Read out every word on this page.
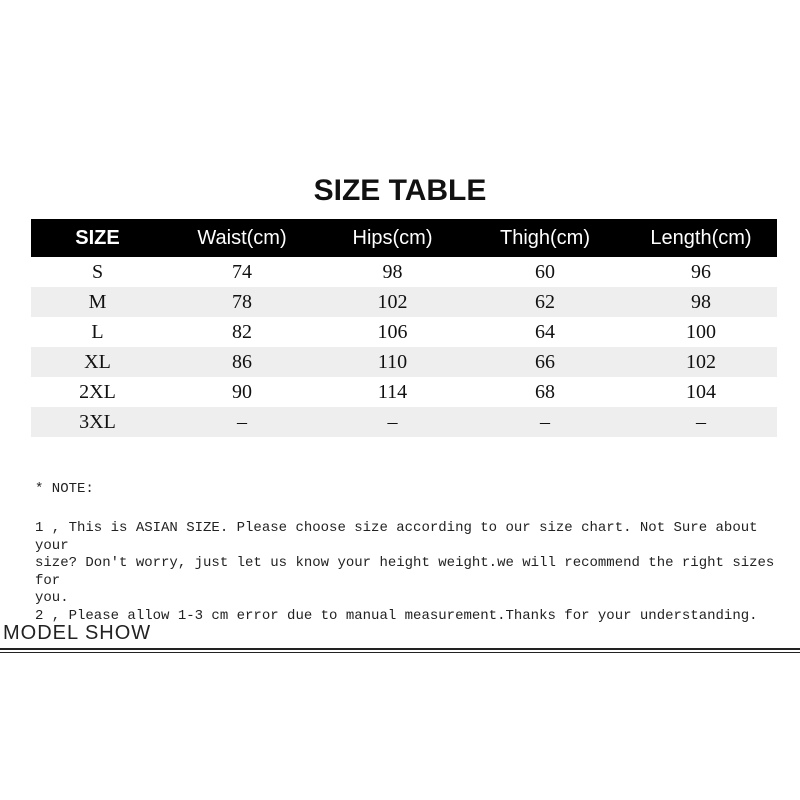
SIZE TABLE
SIZE	Waist(cm)	Hips(cm)	Thigh(cm)	Length(cm)
S	74	98	60	96
M	78	102	62	98
L	82	106	64	100
XL	86	110	66	102
2XL	90	114	68	104
3XL	–	–	–	–

* NOTE:

1 , This is ASIAN SIZE. Please choose size according to our size chart. Not Sure about your

size? Don't worry, just let us know your height weight.we will recommend the right sizes for

you.

2 , Please allow 1-3 cm error due to manual measurement.Thanks for your understanding.

MODEL SHOW
